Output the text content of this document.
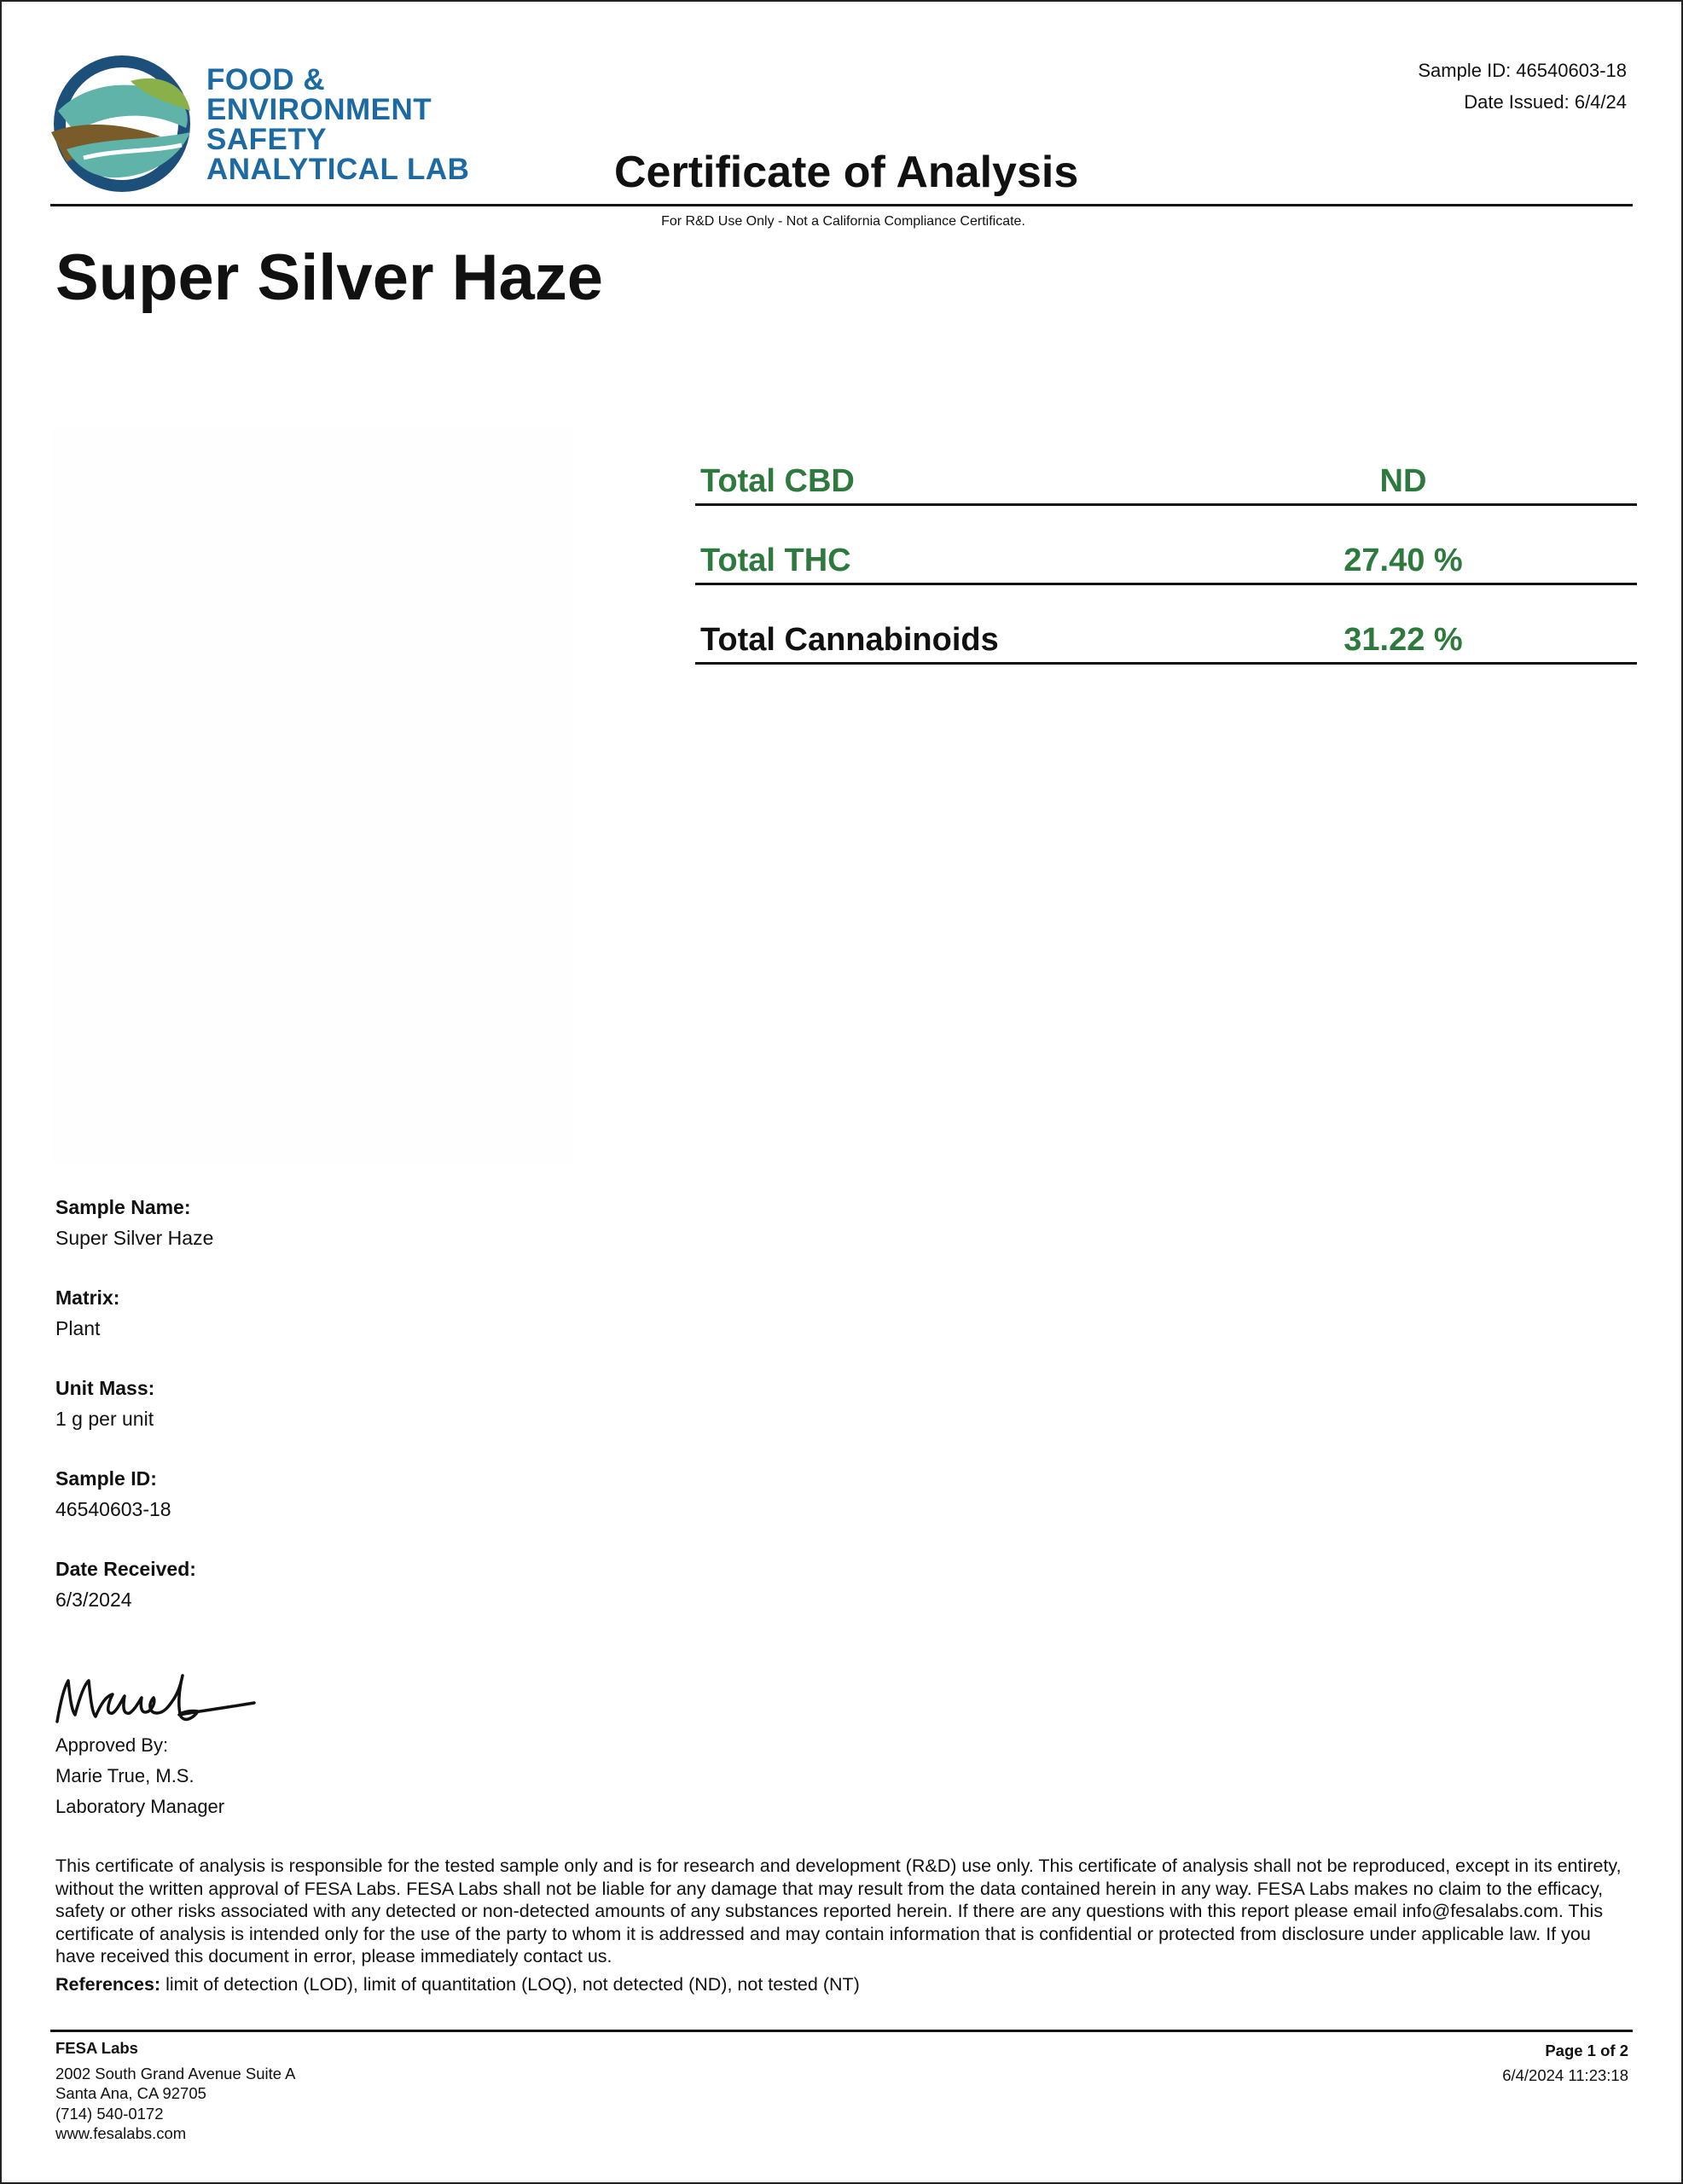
FOOD &
ENVIRONMENT
SAFETY
ANALYTICAL LAB
Sample ID: 46540603-18
Date Issued: 6/4/24
Certificate of Analysis
For R&D Use Only - Not a California Compliance Certificate.
Super Silver Haze
Total CBD	ND
Total THC	27.40 %
Total Cannabinoids	31.22 %
Sample Name:
Super Silver Haze
Matrix:
Plant
Unit Mass:
1 g per unit
Sample ID:
46540603-18
Date Received:
6/3/2024
Approved By:
Marie True, M.S.
Laboratory Manager
This certificate of analysis is responsible for the tested sample only and is for research and development (R&D) use only. This certificate of analysis shall not be reproduced, except in its entirety, without the written approval of FESA Labs. FESA Labs shall not be liable for any damage that may result from the data contained herein in any way. FESA Labs makes no claim to the efficacy, safety or other risks associated with any detected or non-detected amounts of any substances reported herein. If there are any questions with this report please email info@fesalabs.com. This certificate of analysis is intended only for the use of the party to whom it is addressed and may contain information that is confidential or protected from disclosure under applicable law. If you have received this document in error, please immediately contact us.
References: limit of detection (LOD), limit of quantitation (LOQ), not detected (ND), not tested (NT)
FESA Labs
2002 South Grand Avenue Suite A
Santa Ana, CA 92705
(714) 540-0172
www.fesalabs.com
Page 1 of 2
6/4/2024 11:23:18
